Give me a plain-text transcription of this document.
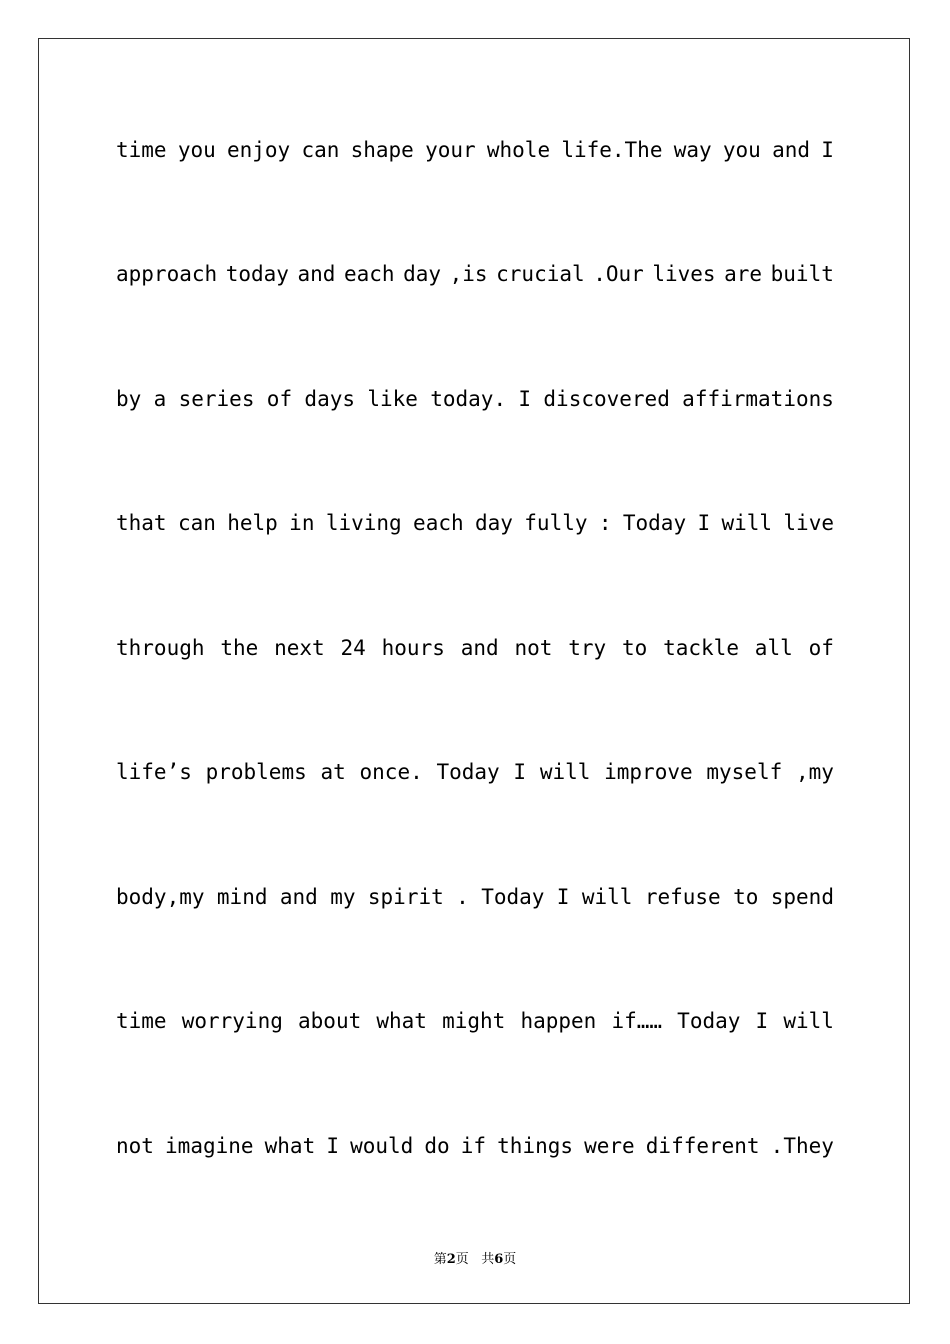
time you enjoy can shape your whole life.The way you and I
approach today and each day ,is crucial .Our lives are built
by a series of days like today. I discovered affirmations
that can help in living each day fully : Today I will live
through the next 24 hours and not try to tackle all of
life’s problems at once. Today I will improve myself ,my
body,my mind and my spirit . Today I will refuse to spend
time worrying about what might happen if…… Today I will
not imagine what I would do if things were different .They
第2页 共6页
